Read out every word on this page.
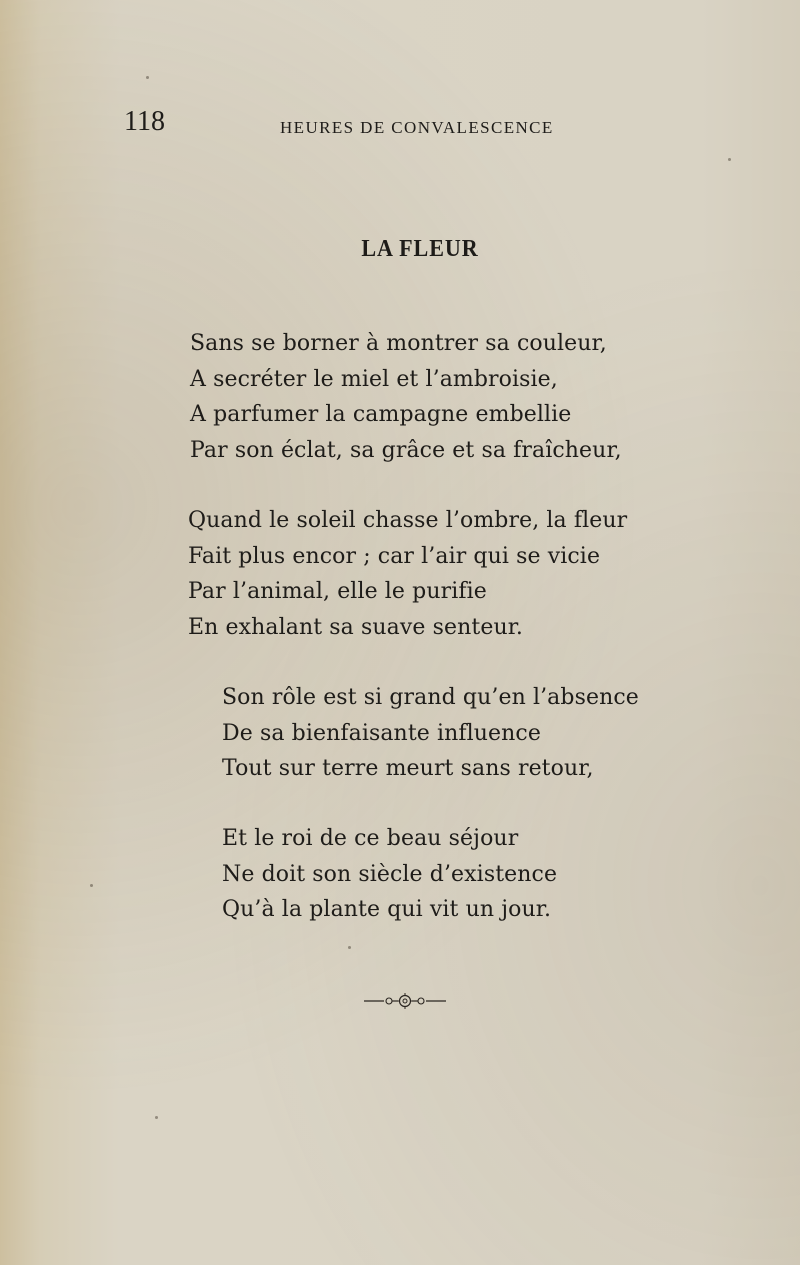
118	HEURES DE CONVALESCENCE
LA FLEUR
Sans se borner à montrer sa couleur,
A secréter le miel et l’ambroisie,
A parfumer la campagne embellie
Par son éclat, sa grâce et sa fraîcheur,
Quand le soleil chasse l’ombre, la fleur
Fait plus encor ; car l’air qui se vicie
Par l’animal, elle le purifie
En exhalant sa suave senteur.
Son rôle est si grand qu’en l’absence
De sa bienfaisante influence
Tout sur terre meurt sans retour,
Et le roi de ce beau séjour
Ne doit son siècle d’existence
Qu’à la plante qui vit un jour.
